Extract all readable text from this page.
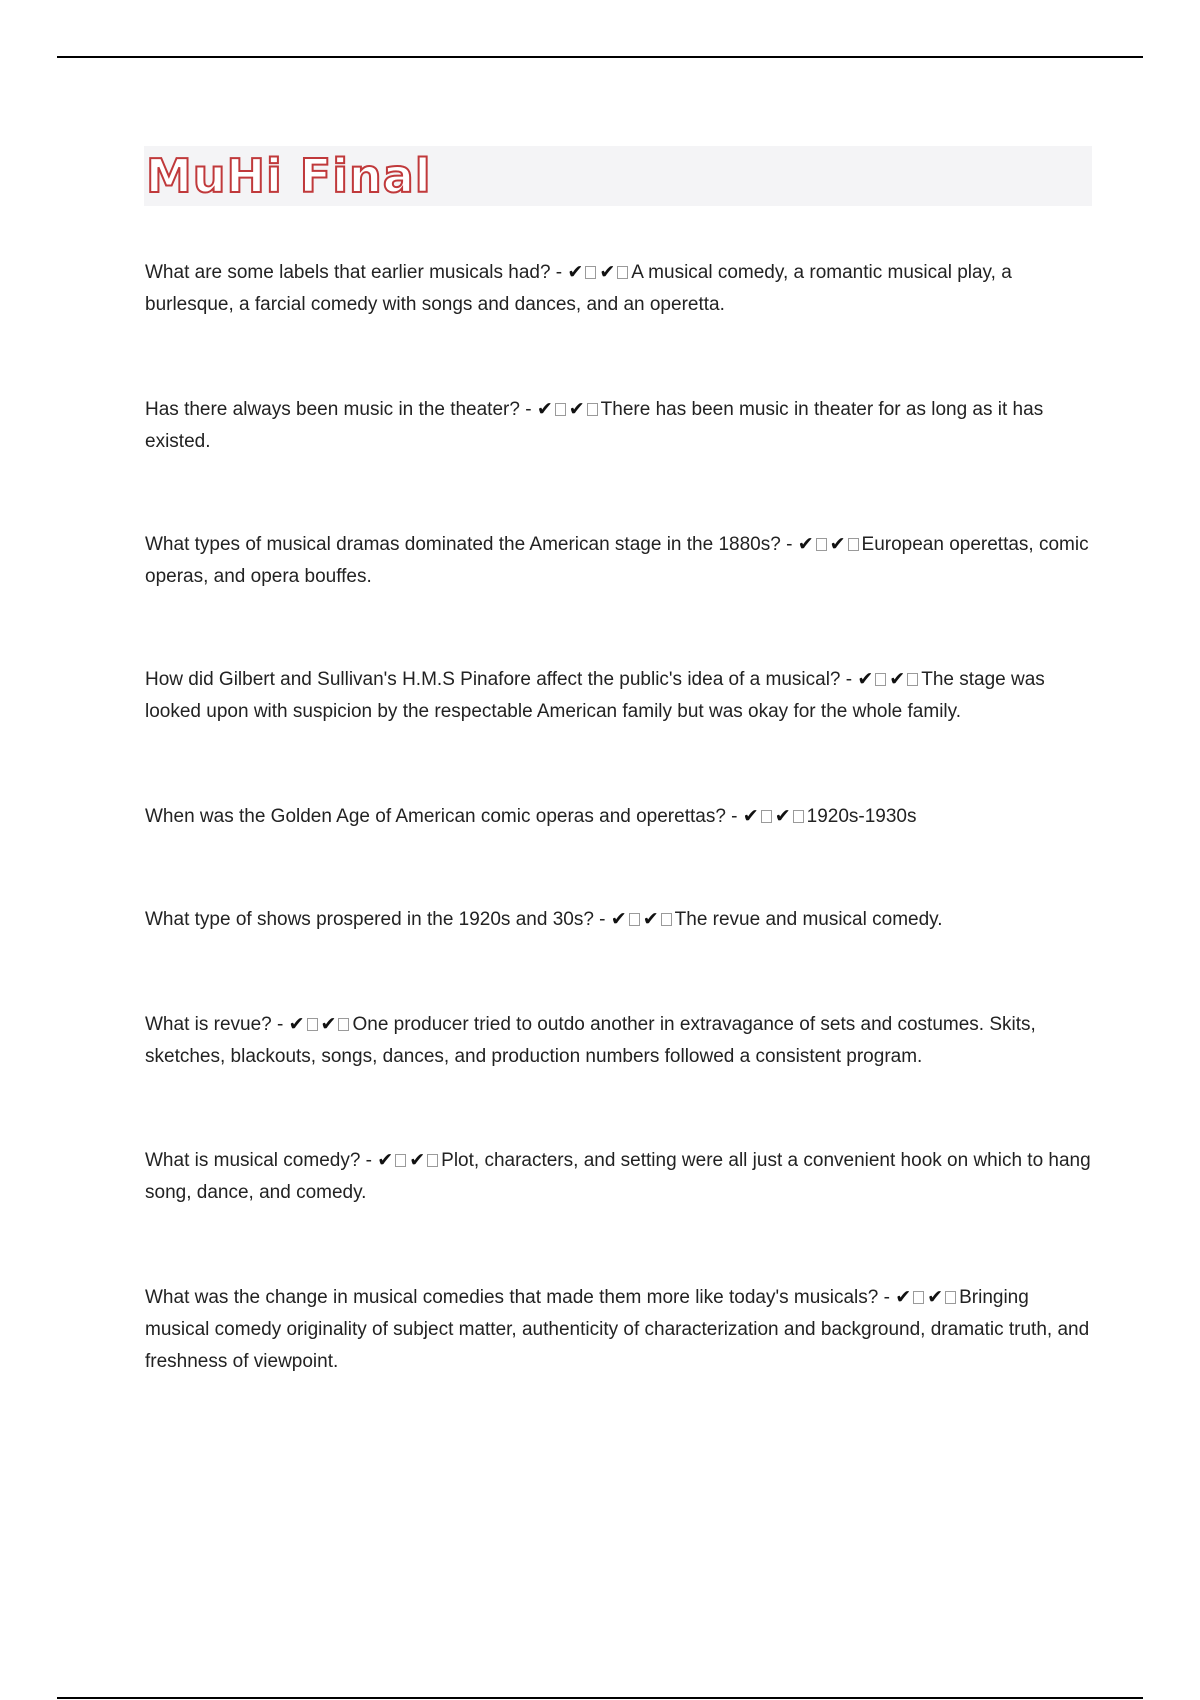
MuHi Final

What are some labels that earlier musicals had? - ✔ ✔ A musical comedy, a romantic musical play, a burlesque, a farcial comedy with songs and dances, and an operetta.

Has there always been music in the theater? - ✔ ✔ There has been music in theater for as long as it has existed.

What types of musical dramas dominated the American stage in the 1880s? - ✔ ✔ European operettas, comic operas, and opera bouffes.

How did Gilbert and Sullivan's H.M.S Pinafore affect the public's idea of a musical? - ✔ ✔ The stage was looked upon with suspicion by the respectable American family but was okay for the whole family.

When was the Golden Age of American comic operas and operettas? - ✔ ✔ 1920s-1930s

What type of shows prospered in the 1920s and 30s? - ✔ ✔ The revue and musical comedy.

What is revue? - ✔ ✔ One producer tried to outdo another in extravagance of sets and costumes. Skits, sketches, blackouts, songs, dances, and production numbers followed a consistent program.

What is musical comedy? - ✔ ✔ Plot, characters, and setting were all just a convenient hook on which to hang song, dance, and comedy.

What was the change in musical comedies that made them more like today's musicals? - ✔ ✔ Bringing musical comedy originality of subject matter, authenticity of characterization and background, dramatic truth, and freshness of viewpoint.
